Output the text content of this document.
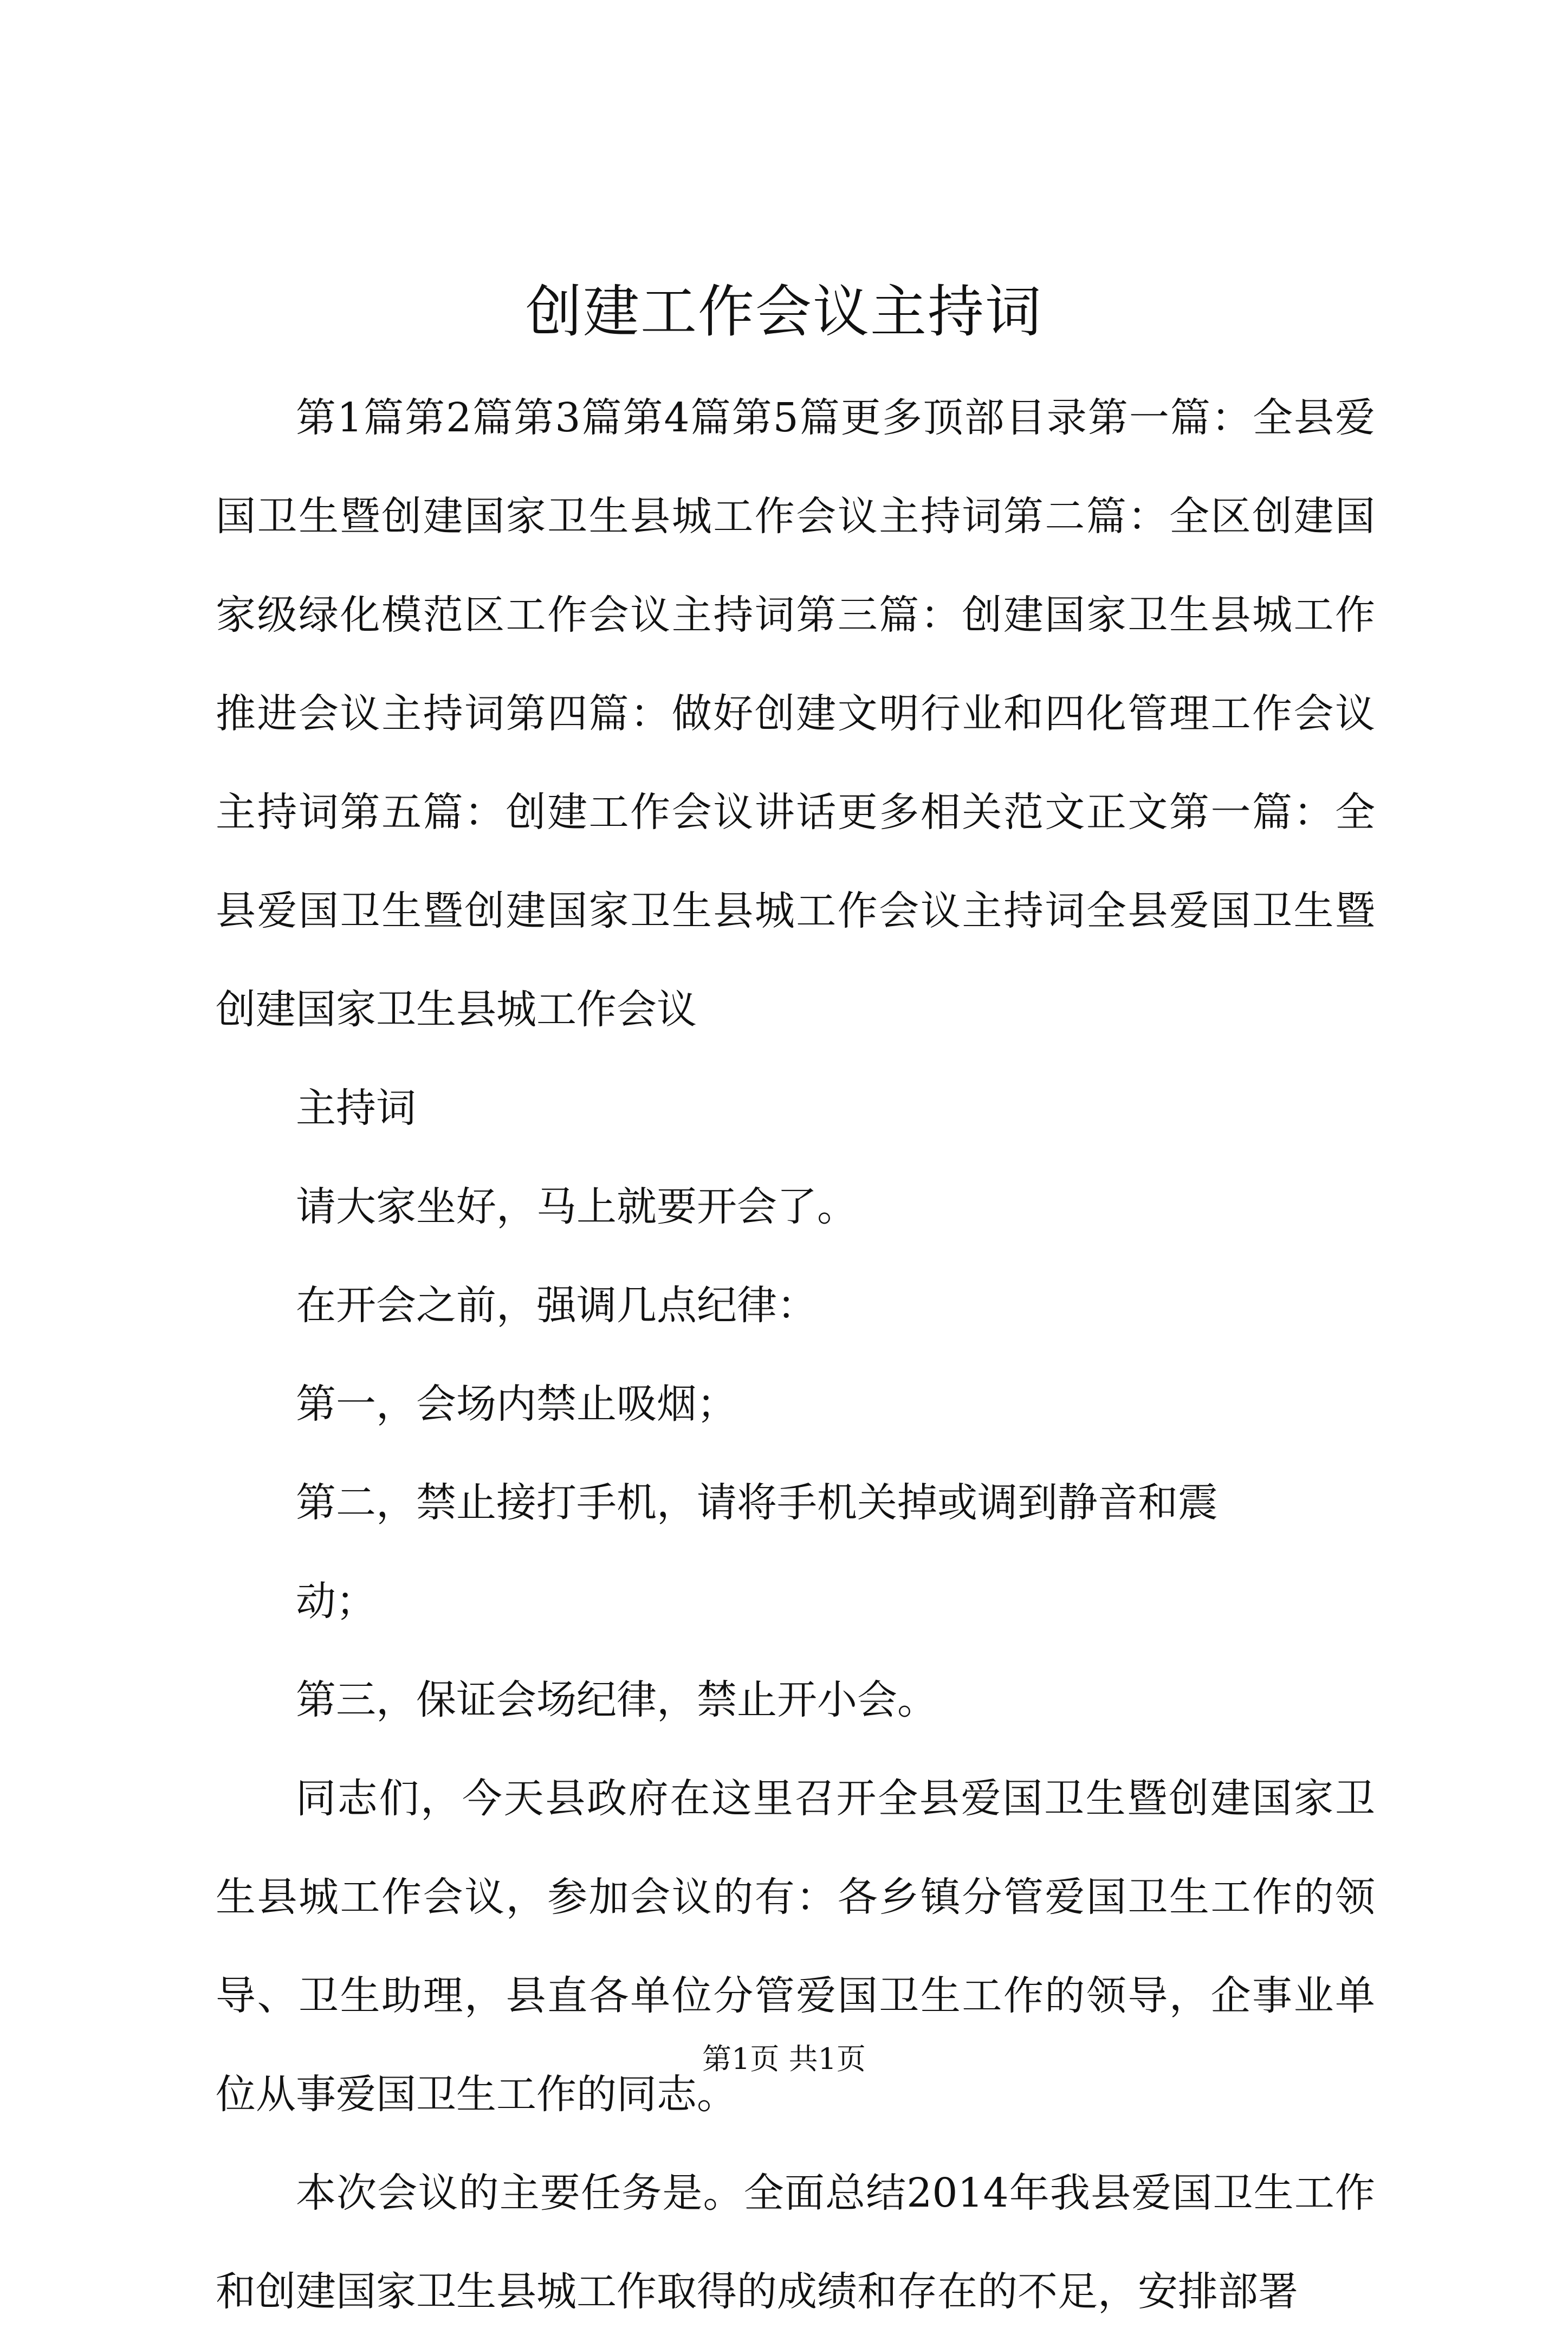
创建工作会议主持词

第1篇第2篇第3篇第4篇第5篇更多顶部目录第一篇：全县爱国卫生暨创建国家卫生县城工作会议主持词第二篇：全区创建国家级绿化模范区工作会议主持词第三篇：创建国家卫生县城工作推进会议主持词第四篇：做好创建文明行业和四化管理工作会议主持词第五篇：创建工作会议讲话更多相关范文正文第一篇：全县爱国卫生暨创建国家卫生县城工作会议主持词全县爱国卫生暨创建国家卫生县城工作会议

主持词

请大家坐好，马上就要开会了。

在开会之前，强调几点纪律：

第一，会场内禁止吸烟；

第二，禁止接打手机，请将手机关掉或调到静音和震

动；

第三，保证会场纪律，禁止开小会。

同志们，今天县政府在这里召开全县爱国卫生暨创建国家卫生县城工作会议，参加会议的有：各乡镇分管爱国卫生工作的领导、卫生助理，县直各单位分管爱国卫生工作的领导，企事业单位从事爱国卫生工作的同志。

本次会议的主要任务是。全面总结2014年我县爱国卫生工作和创建国家卫生县城工作取得的成绩和存在的不足，安排部署

第1页 共1页
